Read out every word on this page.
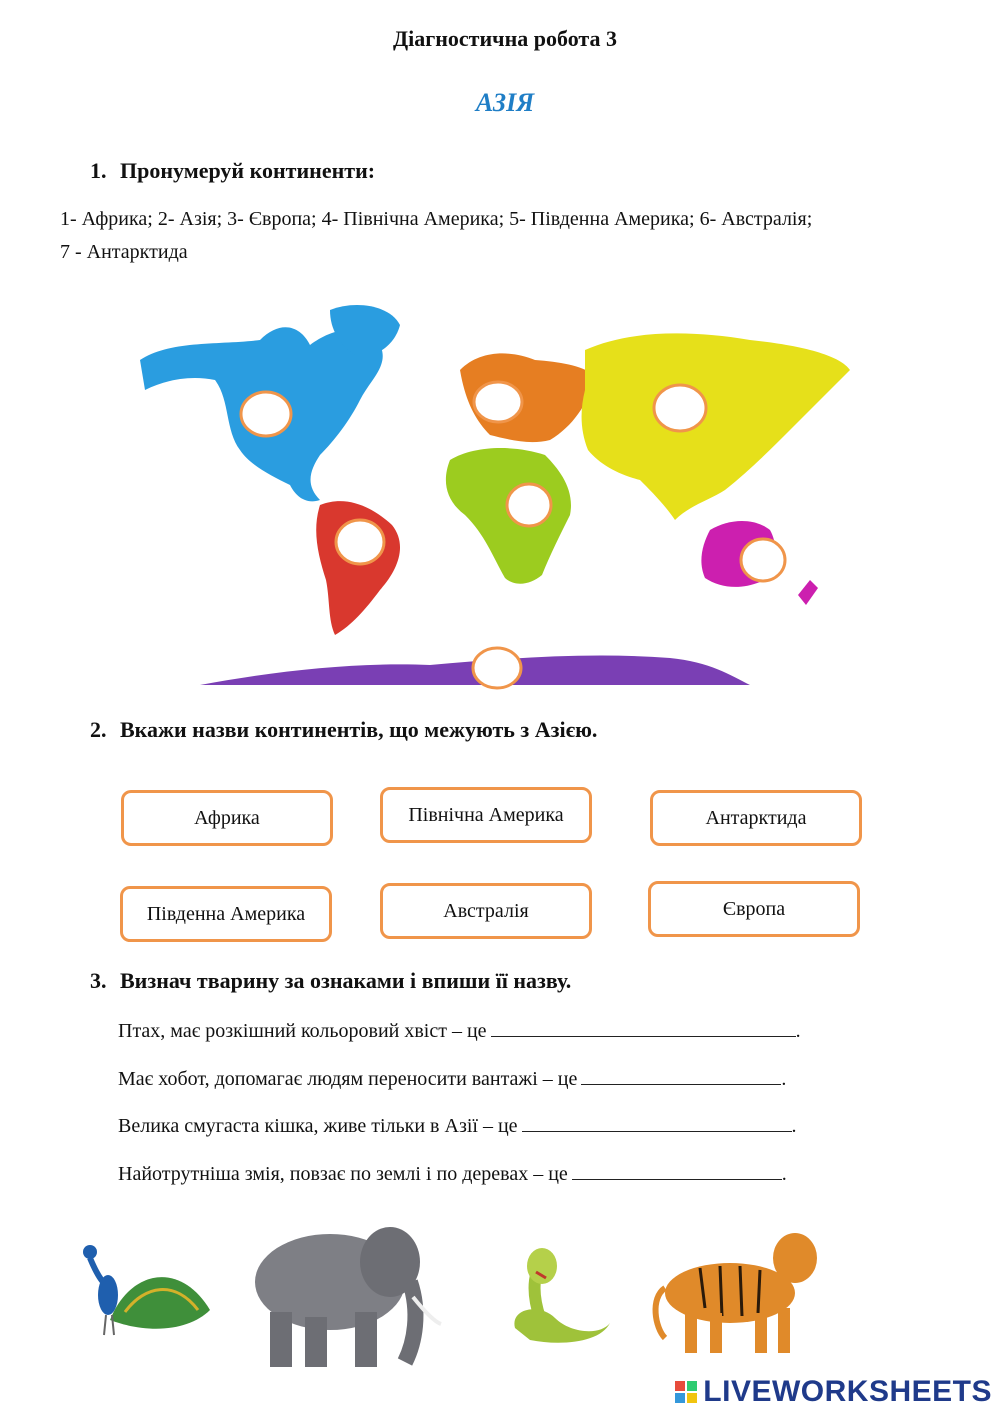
Діагностична робота 3
АЗІЯ
1. Пронумеруй континенти:
1- Африка; 2- Азія; 3- Європа; 4- Північна Америка; 5- Південна Америка; 6- Австралія;
7 - Антарктида
2. Вкажи назви континентів, що межують з Азією.
Африка	Північна Америка	Антарктида
Південна Америка	Австралія	Європа
3. Визнач тварину за ознаками і впиши її назву.
Птах, має розкішний кольоровий хвіст – це	.
Має хобот, допомагає людям переносити вантажі – це	.
Велика смугаста кішка, живе тільки в Азії – це	.
Найотрутніша змія, повзає по землі і по деревах – це	.
LIVEWORKSHEETS
